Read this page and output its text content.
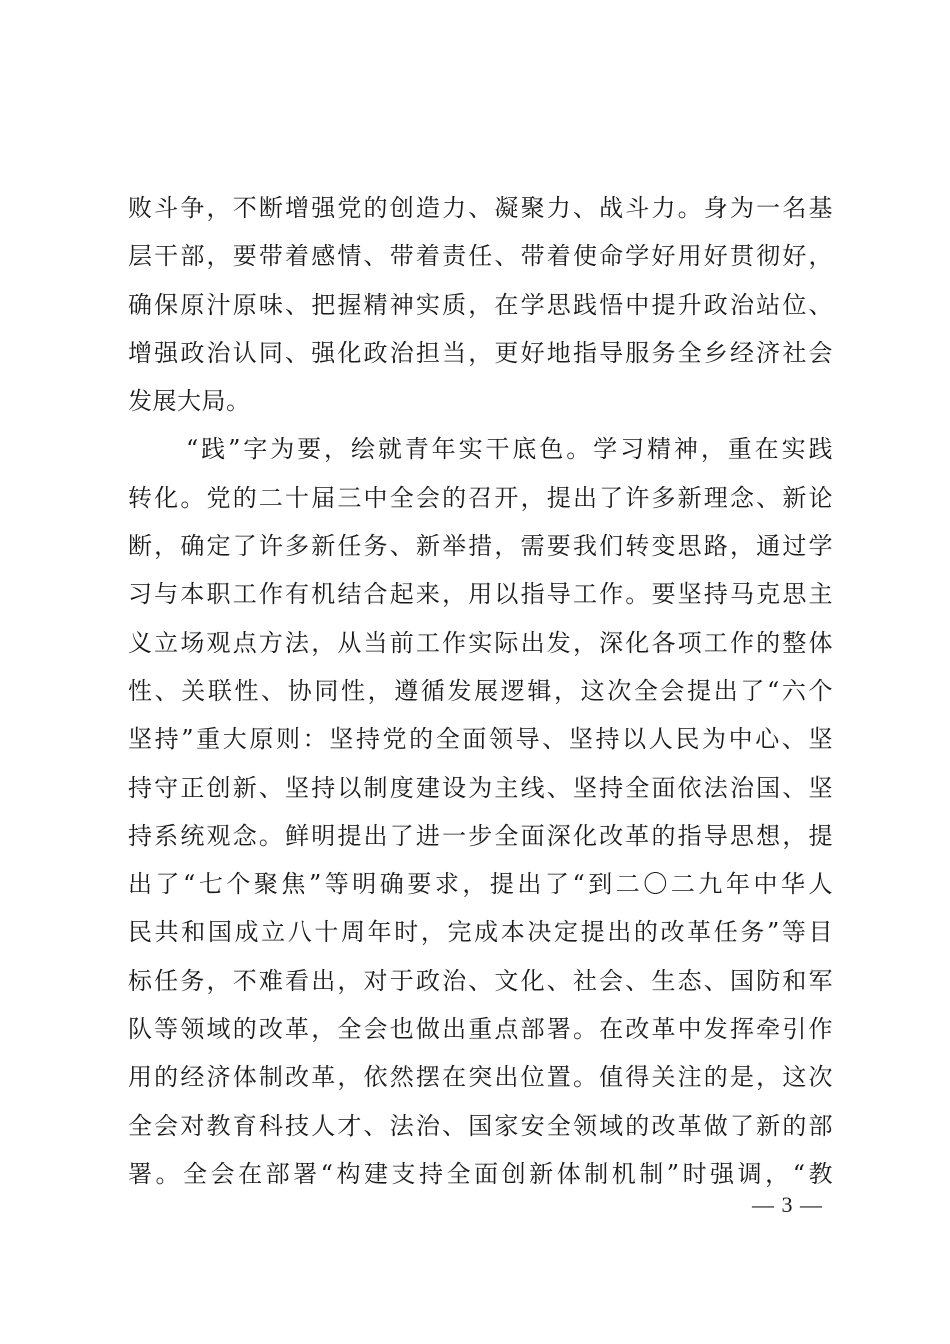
败斗争，不断增强党的创造力、凝聚力、战斗力。身为一名基
层干部，要带着感情、带着责任、带着使命学好用好贯彻好，
确保原汁原味、把握精神实质，在学思践悟中提升政治站位、
增强政治认同、强化政治担当，更好地指导服务全乡经济社会
发展大局。
“践”字为要，绘就青年实干底色。学习精神，重在实践
转化。党的二十届三中全会的召开，提出了许多新理念、新论
断，确定了许多新任务、新举措，需要我们转变思路，通过学
习与本职工作有机结合起来，用以指导工作。要坚持马克思主
义立场观点方法，从当前工作实际出发，深化各项工作的整体
性、关联性、协同性，遵循发展逻辑，这次全会提出了“六个
坚持”重大原则：坚持党的全面领导、坚持以人民为中心、坚
持守正创新、坚持以制度建设为主线、坚持全面依法治国、坚
持系统观念。鲜明提出了进一步全面深化改革的指导思想，提
出了“七个聚焦”等明确要求，提出了“到二〇二九年中华人
民共和国成立八十周年时，完成本决定提出的改革任务”等目
标任务，不难看出，对于政治、文化、社会、生态、国防和军
队等领域的改革，全会也做出重点部署。在改革中发挥牵引作
用的经济体制改革，依然摆在突出位置。值得关注的是，这次
全会对教育科技人才、法治、国家安全领域的改革做了新的部
署。全会在部署“构建支持全面创新体制机制”时强调，“教
— 3 —
